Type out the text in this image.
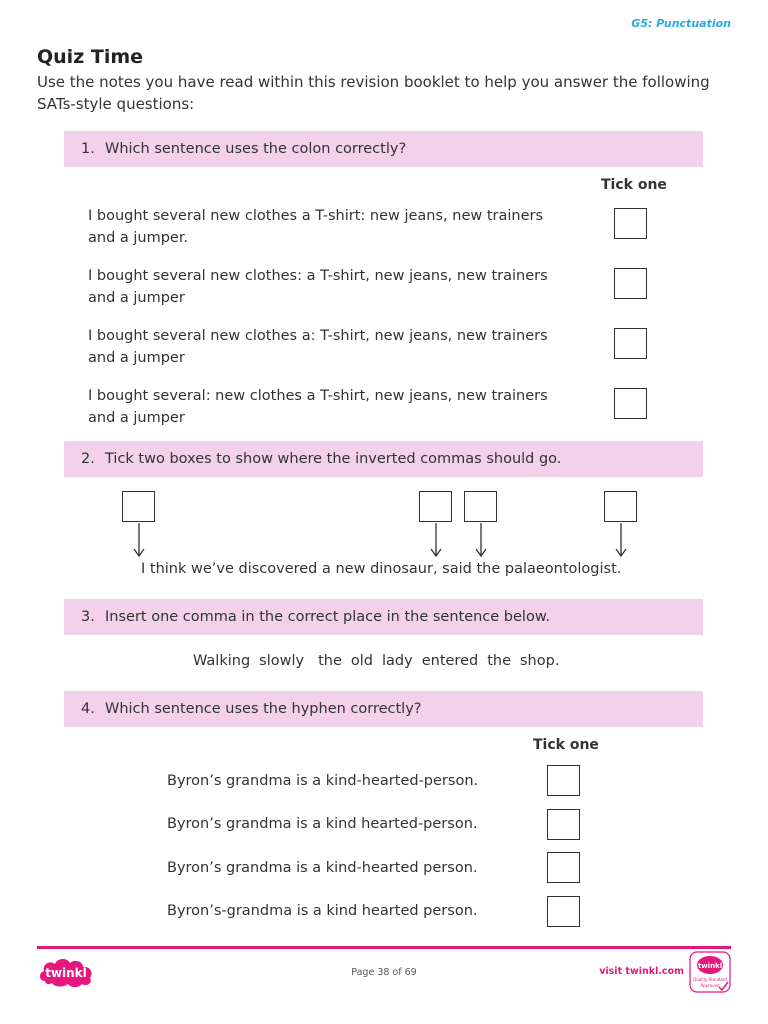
G5: Punctuation
Quiz Time
Use the notes you have read within this revision booklet to help you answer the following SATs-style questions:
1. Which sentence uses the colon correctly?
Tick one
I bought several new clothes a T-shirt: new jeans, new trainers
and a jumper.
I bought several new clothes: a T-shirt, new jeans, new trainers
and a jumper
I bought several new clothes a: T-shirt, new jeans, new trainers
and a jumper
I bought several: new clothes a T-shirt, new jeans, new trainers
and a jumper
2. Tick two boxes to show where the inverted commas should go.
I think we’ve discovered a new dinosaur, said the palaeontologist.
3. Insert one comma in the correct place in the sentence below.
Walking slowly the old lady entered the shop.
4. Which sentence uses the hyphen correctly?
Tick one
Byron’s grandma is a kind-hearted-person.
Byron’s grandma is a kind hearted-person.
Byron’s grandma is a kind-hearted person.
Byron’s-grandma is a kind hearted person.
twinkl	Page 38 of 69	visit twinkl.com twinkl
Quality Standard
Approved
